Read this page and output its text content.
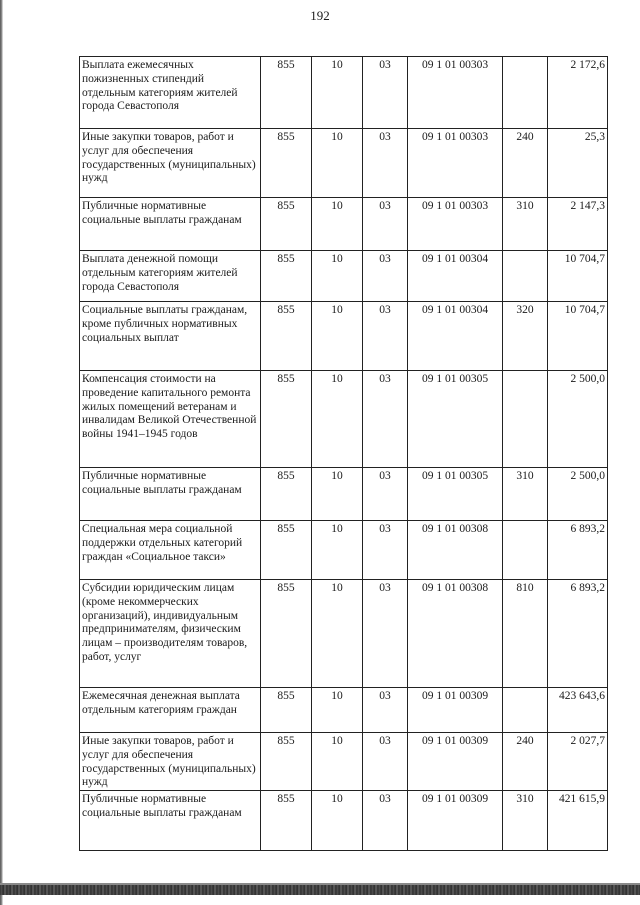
192
Выплата ежемесячных пожизненных стипендий отдельным категориям жителей города Севастополя	855	10	03	09 1 01 00303		2 172,6
Иные закупки товаров, работ и услуг для обеспечения государственных (муниципальных) нужд	855	10	03	09 1 01 00303	240	25,3
Публичные нормативные социальные выплаты гражданам	855	10	03	09 1 01 00303	310	2 147,3
Выплата денежной помощи отдельным категориям жителей города Севастополя	855	10	03	09 1 01 00304		10 704,7
Социальные выплаты гражданам, кроме публичных нормативных социальных выплат	855	10	03	09 1 01 00304	320	10 704,7
Компенсация стоимости на проведение капитального ремонта жилых помещений ветеранам и инвалидам Великой Отечественной войны 1941–1945 годов	855	10	03	09 1 01 00305		2 500,0
Публичные нормативные социальные выплаты гражданам	855	10	03	09 1 01 00305	310	2 500,0
Специальная мера социальной поддержки отдельных категорий граждан «Социальное такси»	855	10	03	09 1 01 00308		6 893,2
Субсидии юридическим лицам (кроме некоммерческих организаций), индивидуальным предпринимателям, физическим лицам – производителям товаров, работ, услуг	855	10	03	09 1 01 00308	810	6 893,2
Ежемесячная денежная выплата отдельным категориям граждан	855	10	03	09 1 01 00309		423 643,6
Иные закупки товаров, работ и услуг для обеспечения государственных (муниципальных) нужд	855	10	03	09 1 01 00309	240	2 027,7
Публичные нормативные социальные выплаты гражданам	855	10	03	09 1 01 00309	310	421 615,9
